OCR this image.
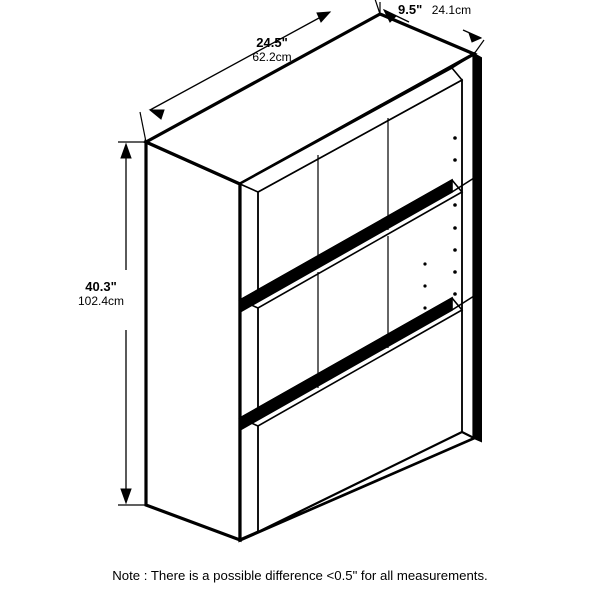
24.5"
62.2cm
9.5" 24.1cm
40.3"
102.4cm
Note : There is a possible difference <0.5" for all measurements.
